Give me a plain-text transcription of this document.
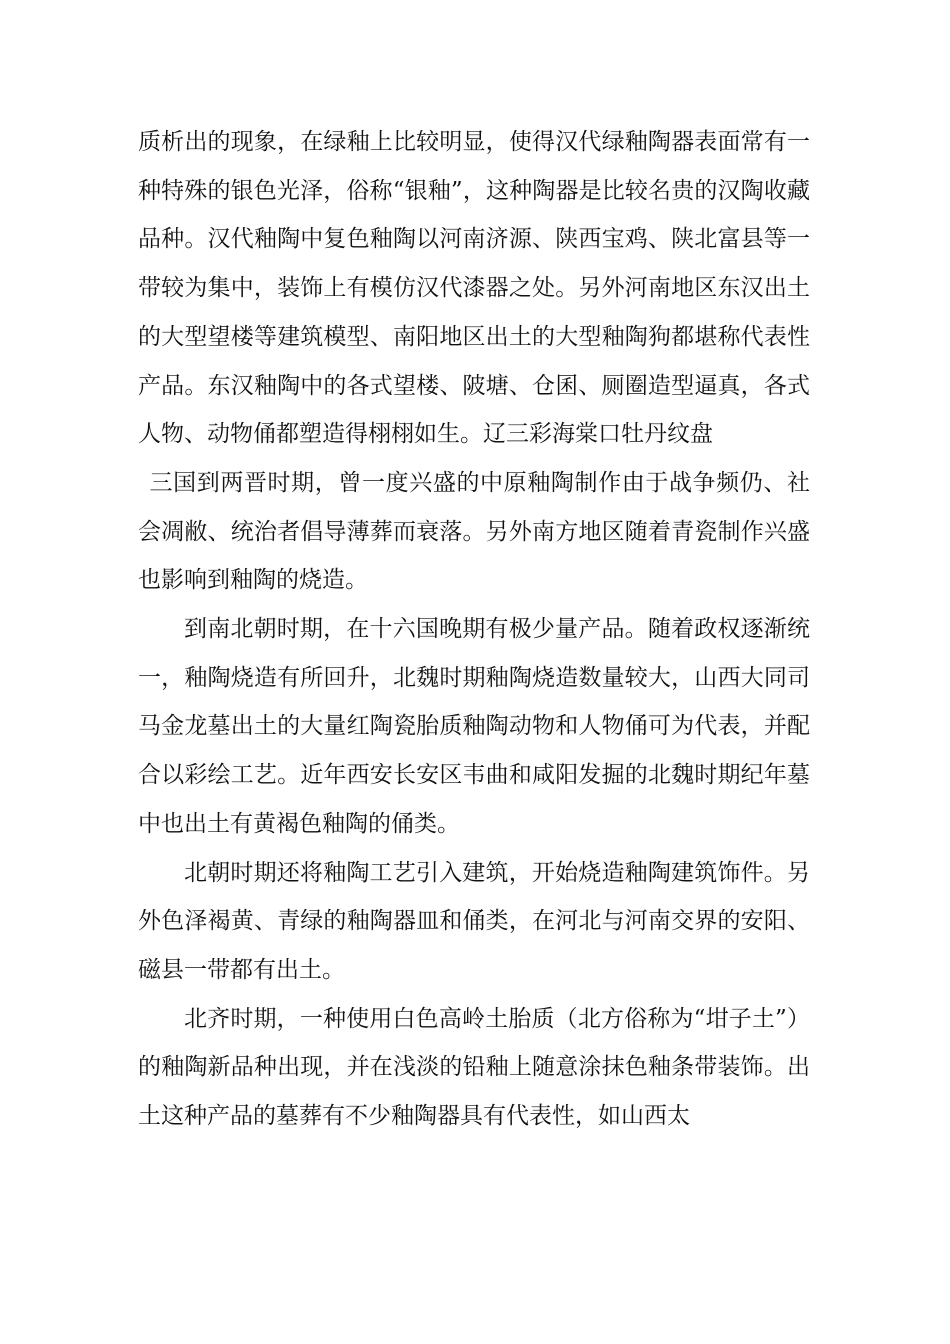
质析出的现象，在绿釉上比较明显，使得汉代绿釉陶器表面常有一种特殊的银色光泽，俗称“银釉”，这种陶器是比较名贵的汉陶收藏品种。汉代釉陶中复色釉陶以河南济源、陕西宝鸡、陕北富县等一带较为集中，装饰上有模仿汉代漆器之处。另外河南地区东汉出土的大型望楼等建筑模型、南阳地区出土的大型釉陶狗都堪称代表性产品。东汉釉陶中的各式望楼、陂塘、仓囷、厕圈造型逼真，各式人物、动物俑都塑造得栩栩如生。辽三彩海棠口牡丹纹盘

三国到两晋时期，曾一度兴盛的中原釉陶制作由于战争频仍、社会凋敝、统治者倡导薄葬而衰落。另外南方地区随着青瓷制作兴盛也影响到釉陶的烧造。

到南北朝时期，在十六国晚期有极少量产品。随着政权逐渐统一，釉陶烧造有所回升，北魏时期釉陶烧造数量较大，山西大同司马金龙墓出土的大量红陶瓷胎质釉陶动物和人物俑可为代表，并配合以彩绘工艺。近年西安长安区韦曲和咸阳发掘的北魏时期纪年墓中也出土有黄褐色釉陶的俑类。

北朝时期还将釉陶工艺引入建筑，开始烧造釉陶建筑饰件。另外色泽褐黄、青绿的釉陶器皿和俑类，在河北与河南交界的安阳、磁县一带都有出土。

北齐时期，一种使用白色高岭土胎质（北方俗称为“坩子土”）的釉陶新品种出现，并在浅淡的铅釉上随意涂抹色釉条带装饰。出土这种产品的墓葬有不少釉陶器具有代表性，如山西太
